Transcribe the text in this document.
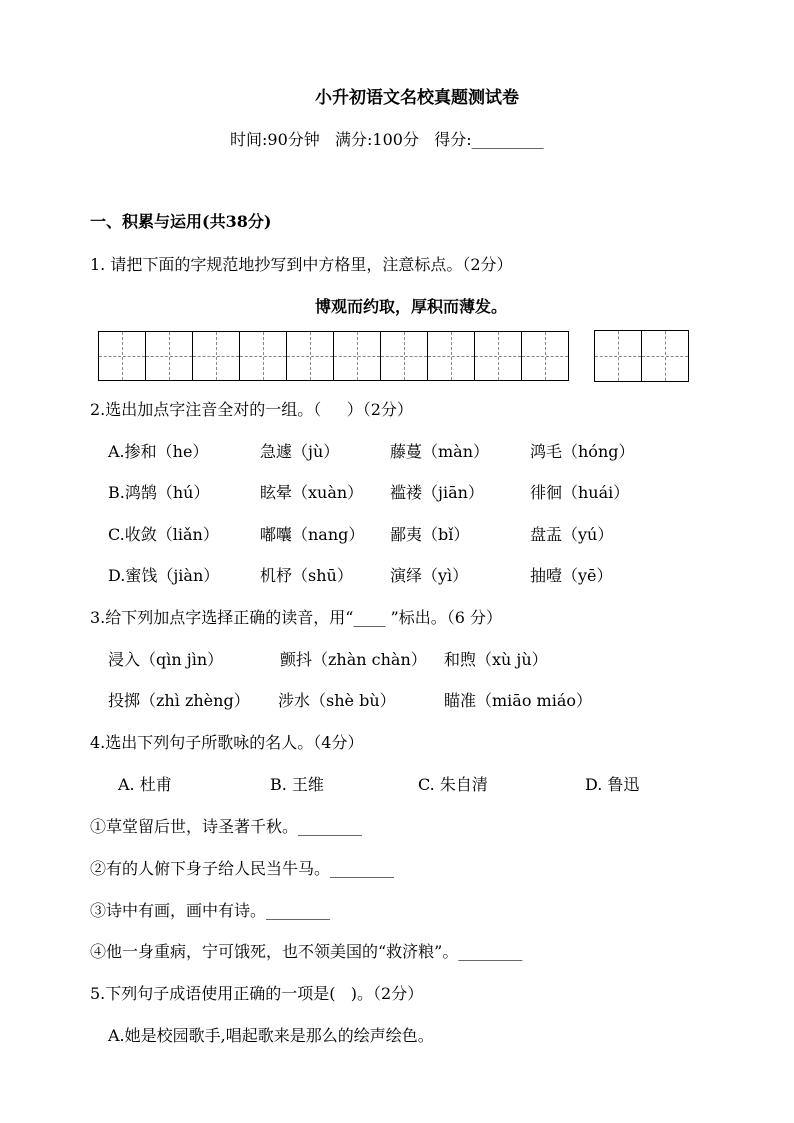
小升初语文名校真题测试卷
时间:90分钟   满分:100分   得分:_________
一、积累与运用(共38分)
1. 请把下面的字规范地抄写到中方格里，注意标点。（2分）
博观而约取，厚积而薄发。
2.选出加点字注音全对的一组。（     ）（2分）
A.掺和（he）	急遽（jù）	藤蔓（màn）	鸿毛（hóng）
B.鸿鹄（hú）	眩晕（xuàn） 褴褛（jiān）	徘徊（huái）
C.收敛（liǎn）	嘟囔（nang） 鄙夷（bǐ）	盘盂（yú）
D.蜜饯（jiàn）	机杼（shū） 演绎（yì）	抽噎（yē）
3.给下列加点字选择正确的读音，用“____ ”标出。（6 分）
浸入（qìn jìn）	颤抖（zhàn chàn） 和煦（xù jù）
投掷（zhì zhèng） 涉水（shè bù）	瞄准（miāo miáo）
4.选出下列句子所歌咏的名人。（4分）
A. 杜甫	B. 王维	C. 朱自清	D. 鲁迅
①草堂留后世，诗圣著千秋。________
②有的人俯下身子给人民当牛马。________
③诗中有画，画中有诗。________
④他一身重病，宁可饿死，也不领美国的“救济粮”。________
5.下列句子成语使用正确的一项是(   )。（2分）
A.她是校园歌手,唱起歌来是那么的绘声绘色。
